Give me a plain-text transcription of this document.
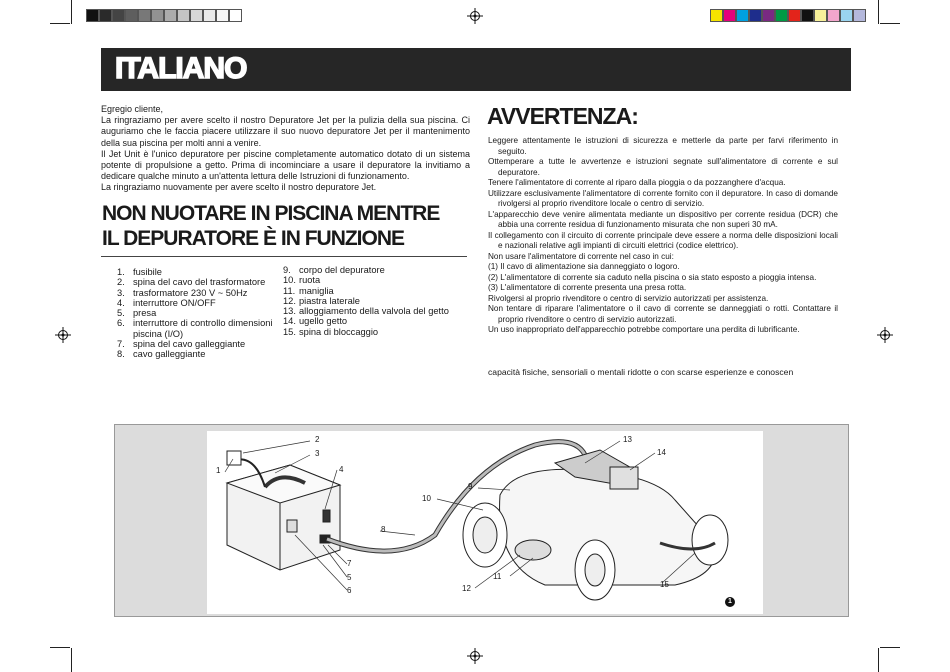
ITALIANO

Egregio cliente,

La ringraziamo per avere scelto il nostro Depuratore Jet per la pulizia della sua piscina. Ci auguriamo che le faccia piacere utilizzare il suo nuovo depuratore Jet per il mantenimento della sua piscina per molti anni a venire.

Il Jet Unit è l'unico depuratore per piscine completamente automatico dotato di un sistema potente di propulsione a getto. Prima di incominciare a usare il depuratore la invitiamo a dedicare qualche minuto a un'attenta lettura delle Istruzioni di funzionamento.

La ringraziamo nuovamente per avere scelto il nostro depuratore Jet.

NON NUOTARE IN PISCINA MENTRE
IL DEPURATORE È IN FUNZIONE
1. fusibile
2. spina del cavo del trasformatore
3. trasformatore 230 V ~ 50Hz
4. interruttore ON/OFF
5. presa
6. interruttore di controllo dimensioni piscina (I/O)
7. spina del cavo galleggiante
8. cavo galleggiante
9. corpo del depuratore
10. ruota
11. maniglia
12. piastra laterale
13. alloggiamento della valvola del getto
14. ugello getto
15. spina di bloccaggio
AVVERTENZA:

Leggere attentamente le istruzioni di sicurezza e metterle da parte per farvi riferimento in seguito.

Ottemperare a tutte le avvertenze e istruzioni segnate sull'alimentatore di corrente e sul depuratore.

Tenere l'alimentatore di corrente al riparo dalla pioggia o da pozzanghere d'acqua.

Utilizzare esclusivamente l'alimentatore di corrente fornito con il depuratore. In caso di domande rivolgersi al proprio rivenditore locale o centro di servizio.

L'apparecchio deve venire alimentata mediante un dispositivo per corrente residua (DCR) che abbia una corrente residua di funzionamento misurata che non superi 30 mA.

Il collegamento con il circuito di corrente principale deve essere a norma delle disposizioni locali e nazionali relative agli impianti di circuiti elettrici (codice elettrico).

Non usare l'alimentatore di corrente nel caso in cui:

(1) Il cavo di alimentazione sia danneggiato o logoro.

(2) L'alimentatore di corrente sia caduto nella piscina o sia stato esposto a pioggia intensa.

(3) L'alimentatore di corrente presenta una presa rotta.

Rivolgersi al proprio rivenditore o centro di servizio autorizzati per assistenza.

Non tentare di riparare l'alimentatore o il cavo di corrente se danneggiati o rotti. Contattare il proprio rivenditore o centro di servizio autorizzati.

Un uso inappropriato dell'apparecchio potrebbe comportare una perdita di lubrificante.

capacità fisiche, sensoriali o mentali ridotte o con scarse esperienze e conoscen
2
3
1	4
8
7
5
6
9
10
11
12
13
14
15
1
